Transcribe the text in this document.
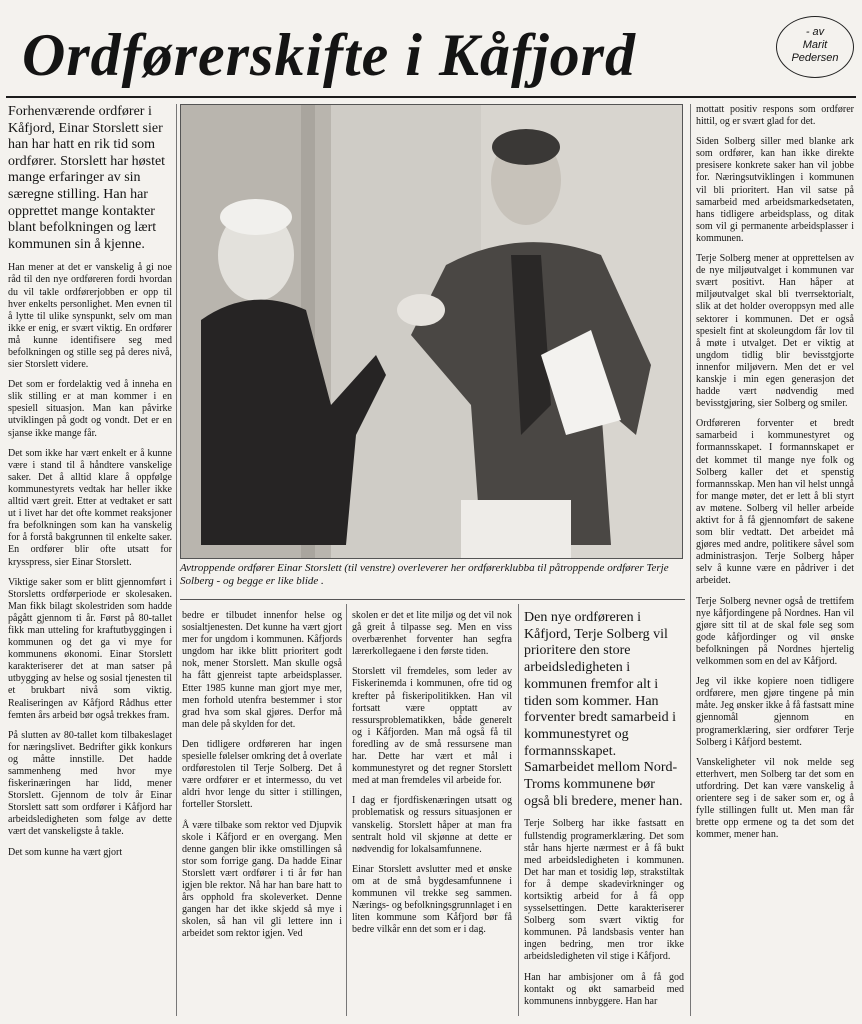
Ordførerskifte i Kåfjord	- av
Marit
Pedersen

Forhenværende ordfører i Kåfjord, Einar Storslett sier han har hatt en rik tid som ordfører. Storslett har høstet mange erfaringer av sin særegne stilling. Han har opprettet mange kontakter blant befolkningen og lært kommunen sin å kjenne.

Han mener at det er vanskelig å gi noe råd til den nye ordføreren fordi hvordan du vil takle ordførerjobben er opp til hver enkelts personlighet. Men evnen til å lytte til ulike synspunkt, selv om man ikke er enig, er svært viktig. En ordfører må kunne identifisere seg med befolkningen og stille seg på deres nivå, sier Storslett videre.

Det som er fordelaktig ved å inneha en slik stilling er at man kommer i en spesiell situasjon. Man kan påvirke utviklingen på godt og vondt. Det er en sjanse ikke mange får.

Det som ikke har vært enkelt er å kunne være i stand til å håndtere vanskelige saker. Det å alltid klare å oppfølge kommunestyrets vedtak har heller ikke alltid vært greit. Etter at vedtaket er satt ut i livet har det ofte kommet reaksjoner fra befolkningen som kan ha vanskelig for å forstå bakgrunnen til enkelte saker. En ordfører blir ofte utsatt for krysspress, sier Einar Storslett.

Viktige saker som er blitt gjennomført i Storsletts ordførperiode er skolesaken. Man fikk bilagt skolestriden som hadde pågått gjennom ti år. Først på 80-tallet fikk man utteling for kraftutbyggingen i kommunen og det ga vi mye for kommunens økonomi. Einar Storslett karakteriserer det at man satser på utbygging av helse og sosial tjenesten til et brukbart nivå som viktig. Realiseringen av Kåfjord Rådhus etter femten års arbeid bør også trekkes fram.

På slutten av 80-tallet kom tilbakeslaget for næringslivet. Bedrifter gikk konkurs og måtte innstille. Det hadde sammenheng med hvor mye fiskerinæringen har lidd, mener Storslett. Gjennom de tolv år Einar Storslett satt som ordfører i Kåfjord har arbeidsledigheten som følge av dette vært det vanskeligste å takle.

Det som kunne ha vært gjort

Avtroppende ordfører Einar Storslett (til venstre) overleverer her ordførerklubba til påtroppende ordfører Terje Solberg - og begge er like blide .

bedre er tilbudet innenfor helse og sosialtjenesten. Det kunne ha vært gjort mer for ungdom i kommunen. Kåfjords ungdom har ikke blitt prioritert godt nok, mener Storslett. Man skulle også ha fått gjenreist tapte arbeidsplasser. Etter 1985 kunne man gjort mye mer, men forhold utenfra bestemmer i stor grad hva som skal gjøres. Derfor må man dele på skylden for det.

Den tidligere ordføreren har ingen spesielle følelser omkring det å overlate ordførestolen til Terje Solberg. Det å være ordfører er et intermesso, du vet aldri hvor lenge du sitter i stillingen, forteller Storslett.

Å være tilbake som rektor ved Djupvik skole i Kåfjord er en overgang. Men denne gangen blir ikke omstillingen så stor som forrige gang. Da hadde Einar Storslett vært ordfører i ti år før han igjen ble rektor. Nå har han bare hatt to års opphold fra skoleverket. Denne gangen har det ikke skjedd så mye i skolen, så han vil gli lettere inn i arbeidet som rektor igjen. Ved

skolen er det et lite miljø og det vil nok gå greit å tilpasse seg. Men en viss overbærenhet forventer han segfra lærerkollegaene i den første tiden.

Storslett vil fremdeles, som leder av Fiskerinemda i kommunen, ofre tid og krefter på fiskeripolitikken. Han vil fortsatt være opptatt av ressursproblematikken, både generelt og i Kåfjorden. Man må også få til foredling av de små ressursene man har. Dette har vært et mål i kommunestyret og det regner Storslett med at man fremdeles vil arbeide for.

I dag er fjordfiskenæringen utsatt og problematisk og ressurs situasjonen er vanskelig. Storslett håper at man fra sentralt hold vil skjønne at dette er nødvendig for lokalsamfunnene.

Einar Storslett avslutter med et ønske om at de små bygdesamfunnene i kommunen vil trekke seg sammen. Nærings- og befolkningsgrunnlaget i en liten kommune som Kåfjord bør få bedre vilkår enn det som er i dag.

Den nye ordføreren i Kåfjord, Terje Solberg vil prioritere den store arbeidsledigheten i kommunen fremfor alt i tiden som kommer. Han forventer bredt samarbeid i kommunestyret og formannsskapet. Samarbeidet mellom Nord-Troms kommunene bør også bli bredere, mener han.

Terje Solberg har ikke fastsatt en fullstendig programerklæring. Det som står hans hjerte nærmest er å få bukt med arbeidsledigheten i kommunen. Det har man et tosidig løp, strakstiltak for å dempe skadevirkninger og kortsiktig arbeid for å få opp sysselsettingen. Dette karakteriserer Solberg som svært viktig for kommunen. På landsbasis venter han ingen bedring, men tror ikke arbeidsledigheten vil stige i Kåfjord.

Han har ambisjoner om å få god kontakt og økt samarbeid med kommunens innbyggere. Han har

mottatt positiv respons som ordfører hittil, og er svært glad for det.

Siden Solberg siller med blanke ark som ordfører, kan han ikke direkte presisere konkrete saker han vil jobbe for. Næringsutviklingen i kommunen vil bli prioritert. Han vil satse på samarbeid med arbeidsmarkedsetaten, hans tidligere arbeidsplass, og ditak som vil gi permanente arbeidsplasser i kommunen.

Terje Solberg mener at opprettelsen av de nye miljøutvalget i kommunen var svært positivt. Han håper at miljøutvalget skal bli tverrsektorialt, slik at det holder overoppsyn med alle sektorer i kommunen. Det er også spesielt fint at skoleungdom får lov til å møte i utvalget. Det er viktig at ungdom tidlig blir bevisstgjorte innenfor miljøvern. Men det er vel kanskje i min egen generasjon det hadde vært nødvendig med bevisstgjøring, sier Solberg og smiler.

Ordføreren forventer et bredt samarbeid i kommunestyret og formannsskapet. I formannskapet er det kommet til mange nye folk og Solberg kaller det et spenstig formannsskap. Men han vil helst unngå for mange møter, det er lett å bli styrt av møtene. Solberg vil heller arbeide aktivt for å få gjennomført de sakene som blir vedtatt. Det arbeidet må gjøres med andre, politikere såvel som administrasjon. Terje Solberg håper selv å kunne være en pådriver i det arbeidet.

Terje Solberg nevner også de trettifem nye kåfjordingene på Nordnes. Han vil gjøre sitt til at de skal føle seg som gode kåfjordinger og vil ønske befolkningen på Nordnes hjertelig velkommen som en del av Kåfjord.

Jeg vil ikke kopiere noen tidligere ordførere, men gjøre tingene på min måte. Jeg ønsker ikke å få fastsatt mine gjennomål gjennom en programerklæring, sier ordfører Terje Solberg i Kåfjord bestemt.

Vanskeligheter vil nok melde seg etterhvert, men Solberg tar det som en utfordring. Det kan være vanskelig å orientere seg i de saker som er, og å fylle stillingen fullt ut. Men man får brette opp ermene og ta det som det kommer, mener han.
